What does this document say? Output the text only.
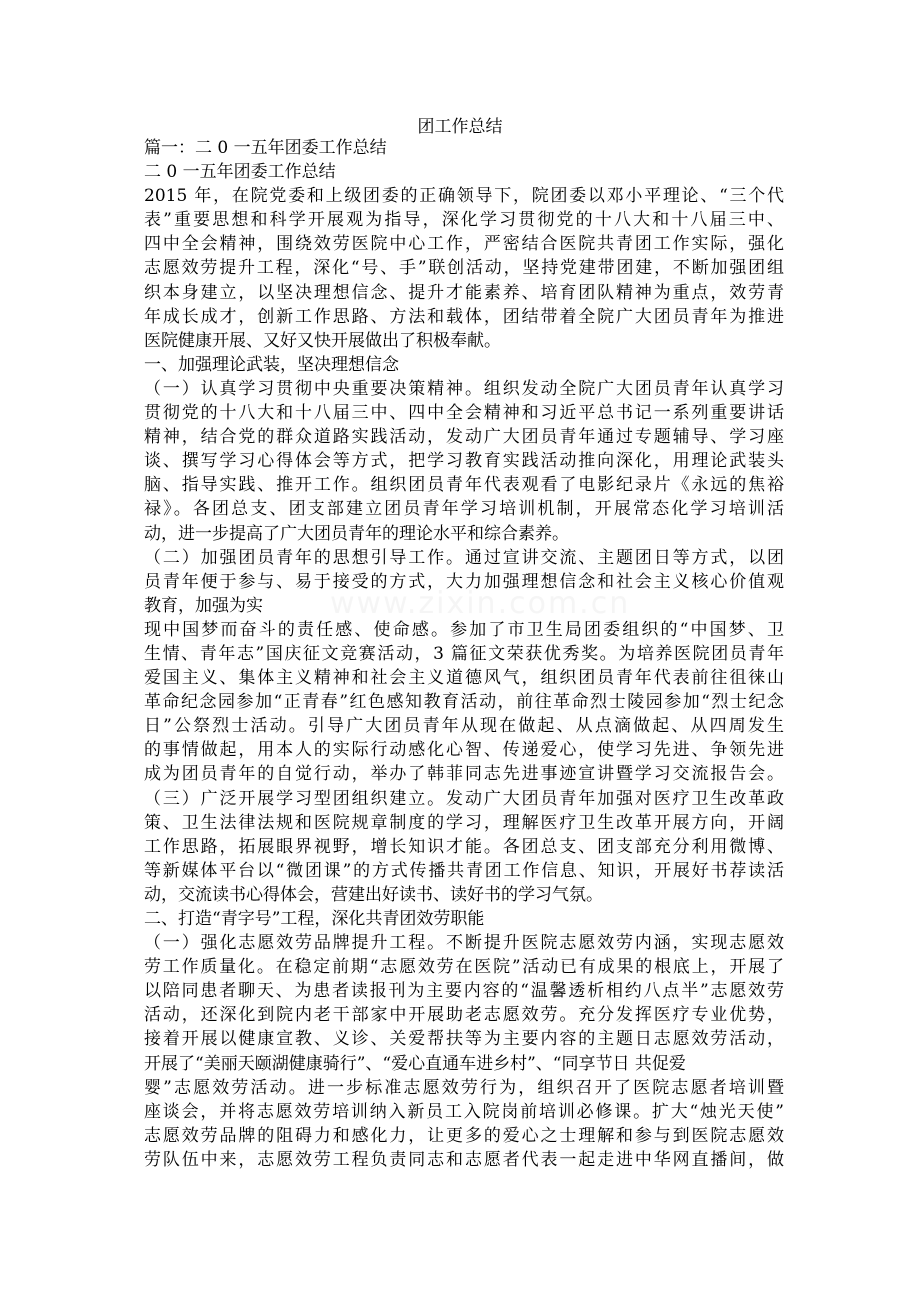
团工作总结
篇一：二 0 一五年团委工作总结
二 0 一五年团委工作总结
2015 年，在院党委和上级团委的正确领导下，院团委以邓小平理论、“三个代
表”重要思想和科学开展观为指导，深化学习贯彻党的十八大和十八届三中、
四中全会精神，围绕效劳医院中心工作，严密结合医院共青团工作实际，强化
志愿效劳提升工程，深化“号、手”联创活动，坚持党建带团建，不断加强团组
织本身建立，以坚决理想信念、提升才能素养、培育团队精神为重点，效劳青
年成长成才，创新工作思路、方法和载体，团结带着全院广大团员青年为推进
医院健康开展、又好又快开展做出了积极奉献。
一、加强理论武装，坚决理想信念
（一）认真学习贯彻中央重要决策精神。组织发动全院广大团员青年认真学习
贯彻党的十八大和十八届三中、四中全会精神和习近平总书记一系列重要讲话
精神，结合党的群众道路实践活动，发动广大团员青年通过专题辅导、学习座
谈、撰写学习心得体会等方式，把学习教育实践活动推向深化，用理论武装头
脑、指导实践、推开工作。组织团员青年代表观看了电影纪录片《永远的焦裕
禄》。各团总支、团支部建立团员青年学习培训机制，开展常态化学习培训活
动，进一步提高了广大团员青年的理论水平和综合素养。
（二）加强团员青年的思想引导工作。通过宣讲交流、主题团日等方式，以团
员青年便于参与、易于接受的方式，大力加强理想信念和社会主义核心价值观
教育，加强为实
现中国梦而奋斗的责任感、使命感。参加了市卫生局团委组织的“中国梦、卫
生情、青年志”国庆征文竞赛活动，3 篇征文荣获优秀奖。为培养医院团员青年
爱国主义、集体主义精神和社会主义道德风气，组织团员青年代表前往徂徕山
革命纪念园参加“正青春”红色感知教育活动，前往革命烈士陵园参加“烈士纪念
日”公祭烈士活动。引导广大团员青年从现在做起、从点滴做起、从四周发生
的事情做起，用本人的实际行动感化心智、传递爱心，使学习先进、争领先进
成为团员青年的自觉行动，举办了韩菲同志先进事迹宣讲暨学习交流报告会。
（三）广泛开展学习型团组织建立。发动广大团员青年加强对医疗卫生改革政
策、卫生法律法规和医院规章制度的学习，理解医疗卫生改革开展方向，开阔
工作思路，拓展眼界视野，增长知识才能。各团总支、团支部充分利用微博、
等新媒体平台以“微团课”的方式传播共青团工作信息、知识，开展好书荐读活
动，交流读书心得体会，营建出好读书、读好书的学习气氛。
二、打造“青字号”工程，深化共青团效劳职能
（一）强化志愿效劳品牌提升工程。不断提升医院志愿效劳内涵，实现志愿效
劳工作质量化。在稳定前期“志愿效劳在医院”活动已有成果的根底上，开展了
以陪同患者聊天、为患者读报刊为主要内容的“温馨透析相约八点半”志愿效劳
活动，还深化到院内老干部家中开展助老志愿效劳。充分发挥医疗专业优势，
接着开展以健康宣教、义诊、关爱帮扶等为主要内容的主题日志愿效劳活动，
开展了“美丽天颐湖健康骑行”、“爱心直通车进乡村”、“同享节日 共促爱
婴”志愿效劳活动。进一步标准志愿效劳行为，组织召开了医院志愿者培训暨
座谈会，并将志愿效劳培训纳入新员工入院岗前培训必修课。扩大“烛光天使”
志愿效劳品牌的阻碍力和感化力，让更多的爱心之士理解和参与到医院志愿效
劳队伍中来，志愿效劳工程负责同志和志愿者代表一起走进中华网直播间，做
www.zixin.com.cn
